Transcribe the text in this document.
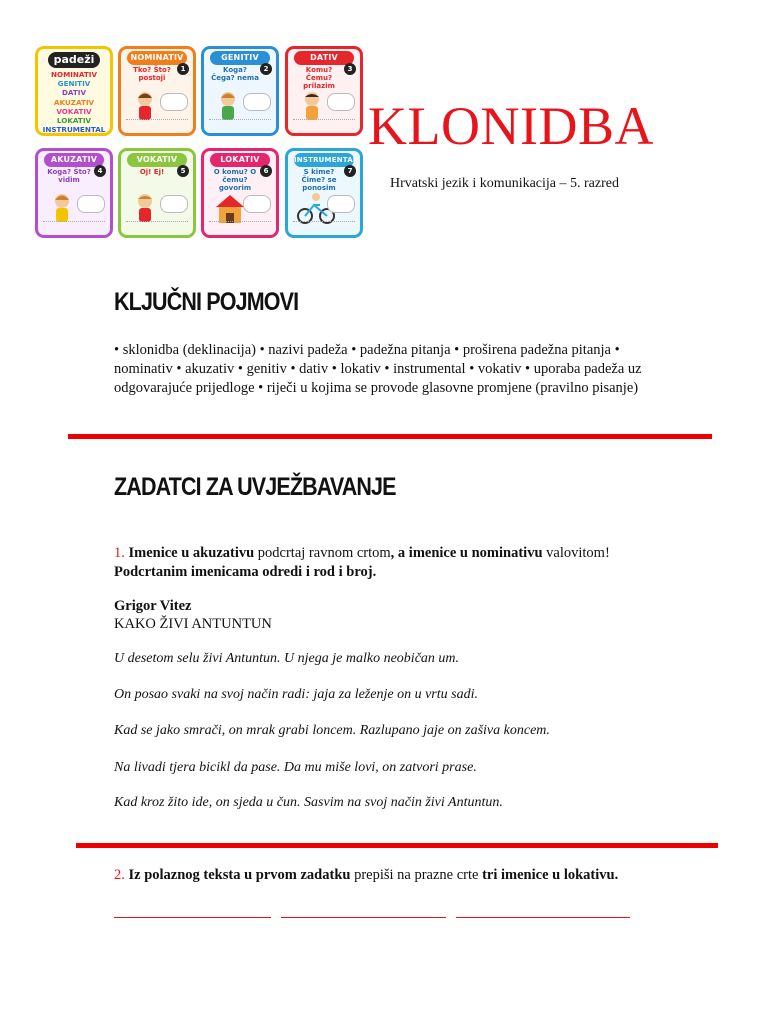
padeži
NOMINATIV
GENITIV
DATIV
AKUZATIV
VOKATIV
LOKATIV
INSTRUMENTAL
NOMINATIV
1
Tko? Što? postoji
GENITIV
2
Koga? Čega? nema
DATIV
3
Komu? Čemu? prilazim
AKUZATIV
4
Koga? Što? vidim
VOKATIV
5
Oj! Ej!
LOKATIV
6
O komu? O čemu? govorim
INSTRUMENTAL
7
S kime? Čime? se ponosim
KLONIDBA
Hrvatski jezik i komunikacija – 5. razred
KLJUČNI POJMOVI
• sklonidba (deklinacija) • nazivi padeža • padežna pitanja • proširena padežna pitanja • nominativ • akuzativ • genitiv • dativ • lokativ • instrumental • vokativ • uporaba padeža uz odgovarajuće prijedloge • riječi u kojima se provode glasovne promjene (pravilno pisanje)
ZADATCI ZA UVJEŽBAVANJE
1. Imenice u akuzativu podcrtaj ravnom crtom, a imenice u nominativu valovitom!
Podcrtanim imenicama odredi i rod i broj.
Grigor Vitez
KAKO ŽIVI ANTUNTUN
U desetom selu živi Antuntun. U njega je malko neobičan um.
On posao svaki na svoj način radi: jaja za leženje on u vrtu sadi.
Kad se jako smrači, on mrak grabi loncem. Razlupano jaje on zašiva koncem.
Na livadi tjera bicikl da pase. Da mu miše lovi, on zatvori prase.
Kad kroz žito ide, on sjeda u čun. Sasvim na svoj način živi Antuntun.
2. Iz polaznog teksta u prvom zadatku prepiši na prazne crte tri imenice u lokativu.
